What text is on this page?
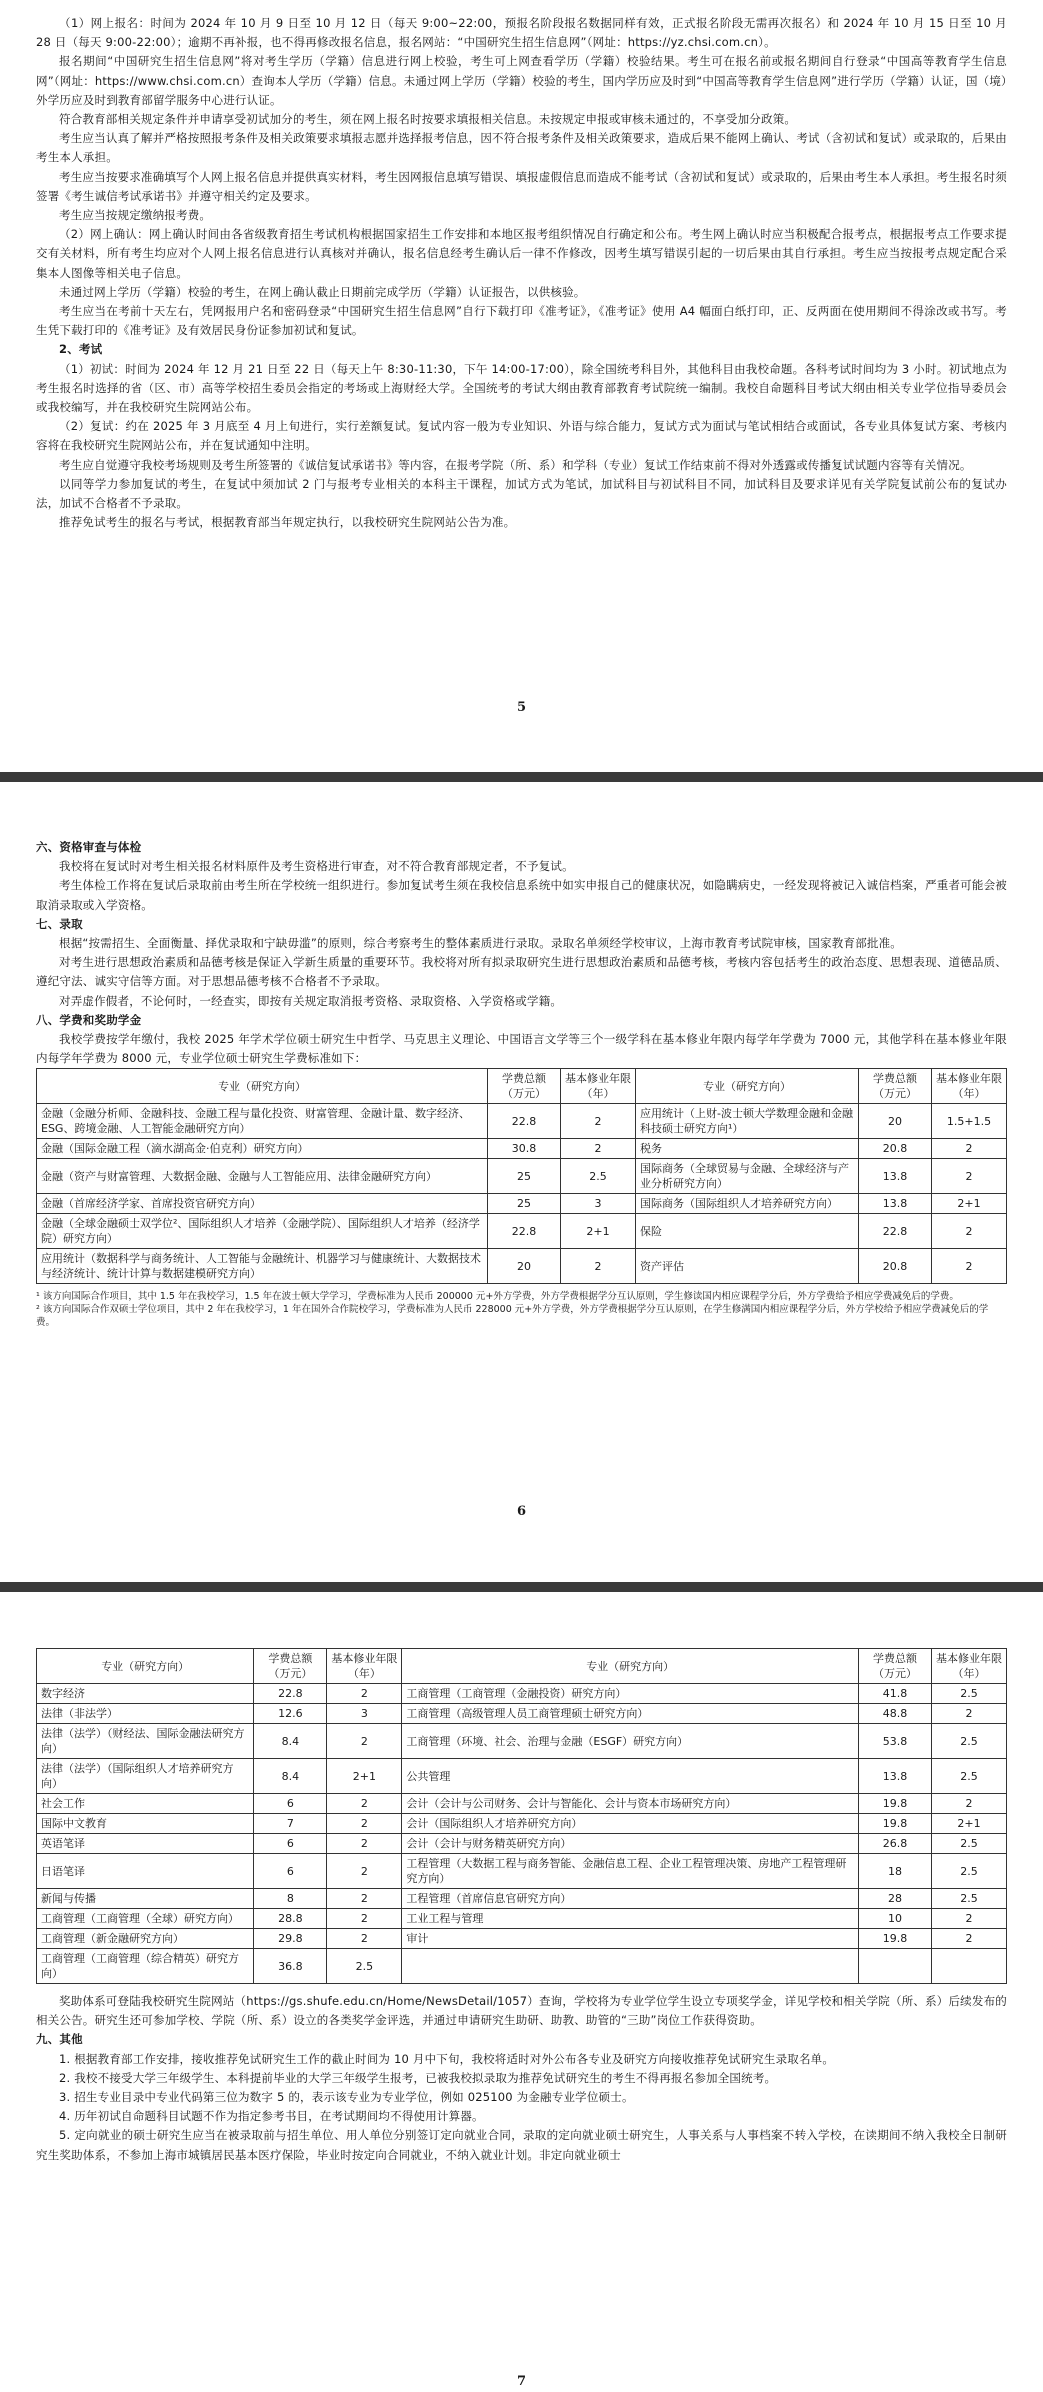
（1）网上报名：时间为 2024 年 10 月 9 日至 10 月 12 日（每天 9:00~22:00，预报名阶段报名数据同样有效，正式报名阶段无需再次报名）和 2024 年 10 月 15 日至 10 月 28 日（每天 9:00-22:00）；逾期不再补报，也不得再修改报名信息，报名网站：“中国研究生招生信息网”（网址：https://yz.chsi.com.cn）。

报名期间“中国研究生招生信息网”将对考生学历（学籍）信息进行网上校验，考生可上网查看学历（学籍）校验结果。考生可在报名前或报名期间自行登录“中国高等教育学生信息网”（网址：https://www.chsi.com.cn）查询本人学历（学籍）信息。未通过网上学历（学籍）校验的考生，国内学历应及时到“中国高等教育学生信息网”进行学历（学籍）认证，国（境）外学历应及时到教育部留学服务中心进行认证。

符合教育部相关规定条件并申请享受初试加分的考生，须在网上报名时按要求填报相关信息。未按规定申报或审核未通过的，不享受加分政策。

考生应当认真了解并严格按照报考条件及相关政策要求填报志愿并选择报考信息，因不符合报考条件及相关政策要求，造成后果不能网上确认、考试（含初试和复试）或录取的，后果由考生本人承担。

考生应当按要求准确填写个人网上报名信息并提供真实材料，考生因网报信息填写错误、填报虚假信息而造成不能考试（含初试和复试）或录取的，后果由考生本人承担。考生报名时须签署《考生诚信考试承诺书》并遵守相关约定及要求。

考生应当按规定缴纳报考费。

（2）网上确认：网上确认时间由各省级教育招生考试机构根据国家招生工作安排和本地区报考组织情况自行确定和公布。考生网上确认时应当积极配合报考点，根据报考点工作要求提交有关材料，所有考生均应对个人网上报名信息进行认真核对并确认，报名信息经考生确认后一律不作修改，因考生填写错误引起的一切后果由其自行承担。考生应当按报考点规定配合采集本人图像等相关电子信息。

未通过网上学历（学籍）校验的考生，在网上确认截止日期前完成学历（学籍）认证报告，以供核验。

考生应当在考前十天左右，凭网报用户名和密码登录“中国研究生招生信息网”自行下载打印《准考证》，《准考证》使用 A4 幅面白纸打印，正、反两面在使用期间不得涂改或书写。考生凭下载打印的《准考证》及有效居民身份证参加初试和复试。

2、考试

（1）初试：时间为 2024 年 12 月 21 日至 22 日（每天上午 8:30-11:30，下午 14:00-17:00），除全国统考科目外，其他科目由我校命题。各科考试时间均为 3 小时。初试地点为考生报名时选择的省（区、市）高等学校招生委员会指定的考场或上海财经大学。全国统考的考试大纲由教育部教育考试院统一编制。我校自命题科目考试大纲由相关专业学位指导委员会或我校编写，并在我校研究生院网站公布。

（2）复试：约在 2025 年 3 月底至 4 月上旬进行，实行差额复试。复试内容一般为专业知识、外语与综合能力，复试方式为面试与笔试相结合或面试，各专业具体复试方案、考核内容将在我校研究生院网站公布，并在复试通知中注明。

考生应自觉遵守我校考场规则及考生所签署的《诚信复试承诺书》等内容，在报考学院（所、系）和学科（专业）复试工作结束前不得对外透露或传播复试试题内容等有关情况。

以同等学力参加复试的考生，在复试中须加试 2 门与报考专业相关的本科主干课程，加试方式为笔试，加试科目与初试科目不同，加试科目及要求详见有关学院复试前公布的复试办法，加试不合格者不予录取。

推荐免试考生的报名与考试，根据教育部当年规定执行，以我校研究生院网站公告为准。

5

六、资格审查与体检

我校将在复试时对考生相关报名材料原件及考生资格进行审查，对不符合教育部规定者，不予复试。

考生体检工作将在复试后录取前由考生所在学校统一组织进行。参加复试考生须在我校信息系统中如实申报自己的健康状况，如隐瞒病史，一经发现将被记入诚信档案，严重者可能会被取消录取或入学资格。

七、录取

根据“按需招生、全面衡量、择优录取和宁缺毋滥”的原则，综合考察考生的整体素质进行录取。录取名单须经学校审议，上海市教育考试院审核，国家教育部批准。

对考生进行思想政治素质和品德考核是保证入学新生质量的重要环节。我校将对所有拟录取研究生进行思想政治素质和品德考核，考核内容包括考生的政治态度、思想表现、道德品质、遵纪守法、诚实守信等方面。对于思想品德考核不合格者不予录取。

对弄虚作假者，不论何时，一经查实，即按有关规定取消报考资格、录取资格、入学资格或学籍。

八、学费和奖助学金

我校学费按学年缴付，我校 2025 年学术学位硕士研究生中哲学、马克思主义理论、中国语言文学等三个一级学科在基本修业年限内每学年学费为 7000 元，其他学科在基本修业年限内每学年学费为 8000 元，专业学位硕士研究生学费标准如下：

专业（研究方向）	学费总额（万元）	基本修业年限（年）	专业（研究方向）	学费总额（万元）	基本修业年限（年）
金融（金融分析师、金融科技、金融工程与量化投资、财富管理、金融计量、数字经济、ESG、跨境金融、人工智能金融研究方向）	22.8	2	应用统计（上财-波士顿大学数理金融和金融科技硕士研究方向¹）	20	1.5+1.5
金融（国际金融工程（滴水湖高金·伯克利）研究方向）	30.8	2	税务	20.8	2
金融（资产与财富管理、大数据金融、金融与人工智能应用、法律金融研究方向）	25	2.5	国际商务（全球贸易与金融、全球经济与产业分析研究方向）	13.8	2
金融（首席经济学家、首席投资官研究方向）	25	3	国际商务（国际组织人才培养研究方向）	13.8	2+1
金融（全球金融硕士双学位²、国际组织人才培养（金融学院）、国际组织人才培养（经济学院）研究方向）	22.8	2+1	保险	22.8	2
应用统计（数据科学与商务统计、人工智能与金融统计、机器学习与健康统计、大数据技术与经济统计、统计计算与数据建模研究方向）	20	2	资产评估	20.8	2
¹ 该方向国际合作项目，其中 1.5 年在我校学习，1.5 年在波士顿大学学习，学费标准为人民币 200000 元+外方学费，外方学费根据学分互认原则，学生修读国内相应课程学分后，外方学费给予相应学费减免后的学费。
² 该方向国际合作双硕士学位项目，其中 2 年在我校学习，1 年在国外合作院校学习，学费标准为人民币 228000 元+外方学费，外方学费根据学分互认原则，在学生修满国内相应课程学分后，外方学校给予相应学费减免后的学费。
6
专业（研究方向）	学费总额（万元）	基本修业年限（年）	专业（研究方向）	学费总额（万元）	基本修业年限（年）
数字经济	22.8	2	工商管理（工商管理（金融投资）研究方向）	41.8	2.5
法律（非法学）	12.6	3	工商管理（高级管理人员工商管理硕士研究方向）	48.8	2
法律（法学）（财经法、国际金融法研究方向）	8.4	2	工商管理（环境、社会、治理与金融（ESGF）研究方向）	53.8	2.5
法律（法学）（国际组织人才培养研究方向）	8.4	2+1	公共管理	13.8	2.5
社会工作	6	2	会计（会计与公司财务、会计与智能化、会计与资本市场研究方向）	19.8	2
国际中文教育	7	2	会计（国际组织人才培养研究方向）	19.8	2+1
英语笔译	6	2	会计（会计与财务精英研究方向）	26.8	2.5
日语笔译	6	2	工程管理（大数据工程与商务智能、金融信息工程、企业工程管理决策、房地产工程管理研究方向）	18	2.5
新闻与传播	8	2	工程管理（首席信息官研究方向）	28	2.5
工商管理（工商管理（全球）研究方向）	28.8	2	工业工程与管理	10	2
工商管理（新金融研究方向）	29.8	2	审计	19.8	2
工商管理（工商管理（综合精英）研究方向）	36.8	2.5			

奖助体系可登陆我校研究生院网站（https://gs.shufe.edu.cn/Home/NewsDetail/1057）查询，学校将为专业学位学生设立专项奖学金，详见学校和相关学院（所、系）后续发布的相关公告。研究生还可参加学校、学院（所、系）设立的各类奖学金评选，并通过申请研究生助研、助教、助管的“三助”岗位工作获得资助。

九、其他

1. 根据教育部工作安排，接收推荐免试研究生工作的截止时间为 10 月中下旬，我校将适时对外公布各专业及研究方向接收推荐免试研究生录取名单。

2. 我校不接受大学三年级学生、本科提前毕业的大学三年级学生报考，已被我校拟录取为推荐免试研究生的考生不得再报名参加全国统考。

3. 招生专业目录中专业代码第三位为数字 5 的，表示该专业为专业学位，例如 025100 为金融专业学位硕士。

4. 历年初试自命题科目试题不作为指定参考书目，在考试期间均不得使用计算器。

5. 定向就业的硕士研究生应当在被录取前与招生单位、用人单位分别签订定向就业合同，录取的定向就业硕士研究生，人事关系与人事档案不转入学校，在读期间不纳入我校全日制研究生奖助体系，不参加上海市城镇居民基本医疗保险，毕业时按定向合同就业，不纳入就业计划。非定向就业硕士

7
